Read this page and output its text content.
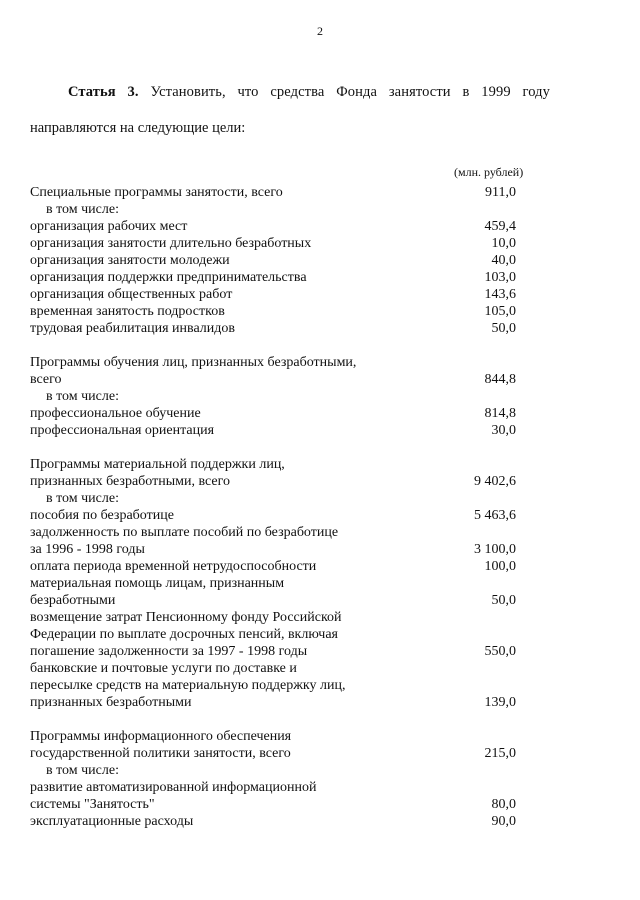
2
Статья 3. Установить, что средства Фонда занятости в 1999 году
направляются на следующие цели:
(млн. рублей)
Специальные программы занятости, всего	911,0
в том числе:
организация рабочих мест	459,4
организация занятости длительно безработных	10,0
организация занятости молодежи	40,0
организация поддержки предпринимательства	103,0
организация общественных работ	143,6
временная занятость подростков	105,0
трудовая реабилитация инвалидов	50,0
Программы обучения лиц, признанных безработными,
всего	844,8
в том числе:
профессиональное обучение	814,8
профессиональная ориентация	30,0
Программы материальной поддержки лиц,
признанных безработными, всего	9 402,6
в том числе:
пособия по безработице	5 463,6
задолженность по выплате пособий по безработице
за 1996 - 1998 годы	3 100,0
оплата периода временной нетрудоспособности	100,0
материальная помощь лицам, признанным
безработными	50,0
возмещение затрат Пенсионному фонду Российской
Федерации по выплате досрочных пенсий, включая
погашение задолженности за 1997 - 1998 годы	550,0
банковские и почтовые услуги по доставке и
пересылке средств на материальную поддержку лиц,
признанных безработными	139,0
Программы информационного обеспечения
государственной политики занятости, всего	215,0
в том числе:
развитие автоматизированной информационной
системы "Занятость"	80,0
эксплуатационные расходы	90,0
